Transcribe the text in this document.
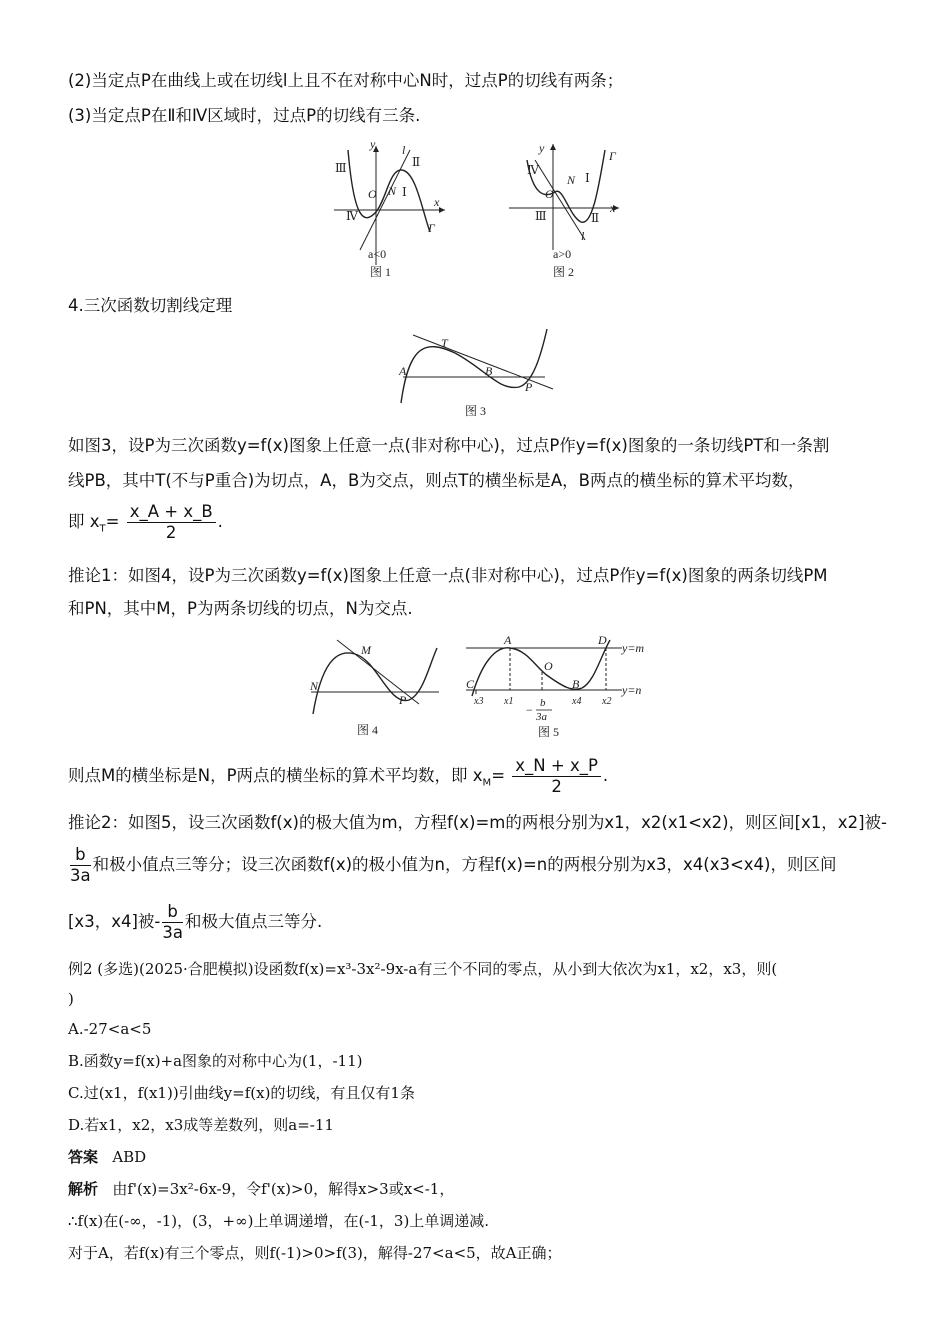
(2)当定点P在曲线上或在切线l上且不在对称中心N时，过点P的切线有两条；
(3)当定点P在Ⅱ和Ⅳ区域时，过点P的切线有三条.
y l
Ⅲ	Ⅱ
O N Ⅰ
x
Ⅳ
Γ
a<0
图 1
y
Γ
Ⅳ
N Ⅰ
O
x
Ⅲ	Ⅱ
l
a>0
图 2
4.三次函数切割线定理
T
A	B
P
图 3
如图3，设P为三次函数y=f(x)图象上任意一点(非对称中心)，过点P作y=f(x)图象的一条切线PT和一条割
线PB，其中T(不与P重合)为切点，A，B为交点，则点T的横坐标是A，B两点的横坐标的算术平均数，
即 $x_T= \frac{x\_A + x\_B}{2}$ .
推论1：如图4，设P为三次函数y=f(x)图象上任意一点(非对称中心)，过点P作y=f(x)图象的两条切线PM
和PN，其中M，P为两条切线的切点，N为交点.
M
N
P
图 4
A	D
y=m
O
C	B	y=n
x3 x1	x4 x2
− b
3a
图 5
则点M的横坐标是N，P两点的横坐标的算术平均数，即 $x_M= \frac{x\_N + x\_P}{2}$ .
推论2：如图5，设三次函数f(x)的极大值为m，方程f(x)=m的两根分别为x1，x2(x1<x2)，则区间[x1，x2]被-
$\frac{b}{3a}$ 和极小值点三等分；设三次函数f(x)的极小值为n，方程f(x)=n的两根分别为x3，x4(x3<x4)，则区间
[x3，x4]被- $\frac{b}{3a}$ 和极大值点三等分.
例2 (多选)(2025·合肥模拟)设函数f(x)=x³-3x²-9x-a有三个不同的零点，从小到大依次为x1，x2，x3，则(
)
A.-27<a<5
B.函数y=f(x)+a图象的对称中心为(1，-11)
C.过(x1，f(x1))引曲线y=f(x)的切线，有且仅有1条
D.若x1，x2，x3成等差数列，则a=-11
答案 ABD
解析 由f'(x)=3x²-6x-9，令f'(x)>0，解得x>3或x<-1，
∴f(x)在(-∞，-1)，(3，+∞)上单调递增，在(-1，3)上单调递减.
对于A，若f(x)有三个零点，则f(-1)>0>f(3)，解得-27<a<5，故A正确；
